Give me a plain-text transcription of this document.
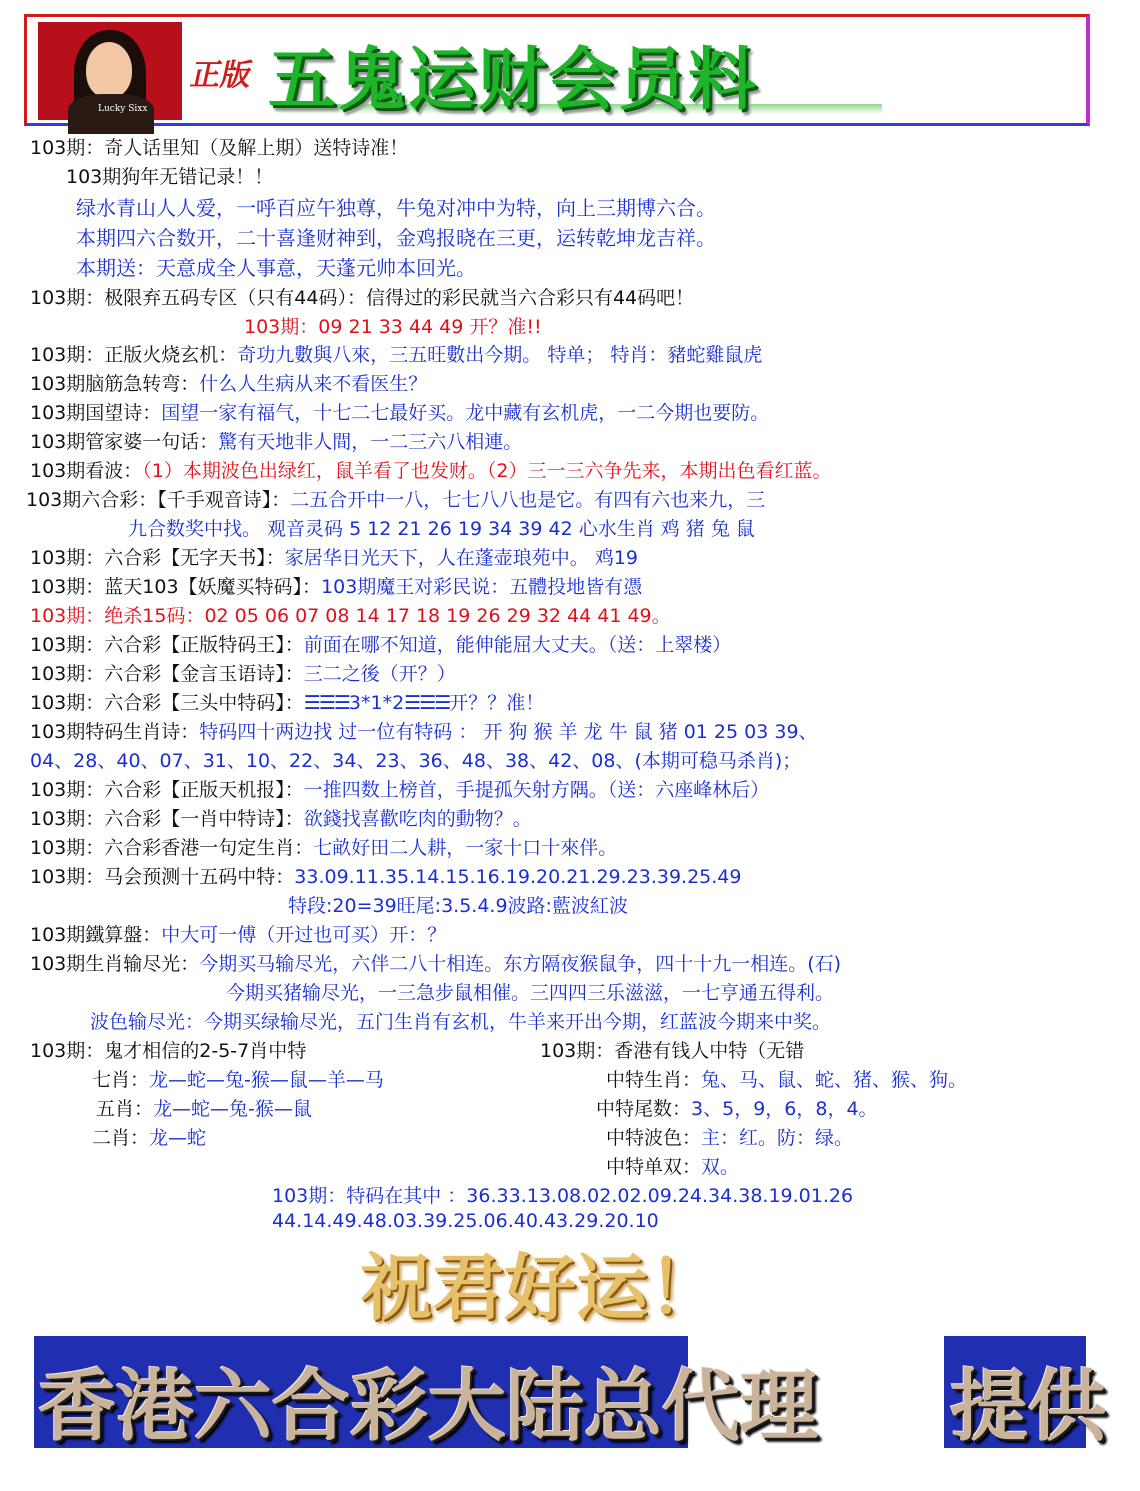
Lucky Sixx
正版 五鬼运财会员料
103期：奇人话里知（及解上期）送特诗准！
103期狗年无错记录！！
绿水青山人人爱，一呼百应午独尊，牛兔对冲中为特，向上三期博六合。
本期四六合数开，二十喜逢财神到，金鸡报晓在三更，运转乾坤龙吉祥。
本期送：天意成全人事意，天蓬元帅本回光。
103期：极限弃五码专区（只有44码）：信得过的彩民就当六合彩只有44码吧！
103期：09 21 33 44 49 开？准!!
103期：正版火烧玄机：奇功九數與八來，三五旺數出今期。 特单； 特肖：豬蛇雞鼠虎
103期脑筋急转弯：什么人生病从来不看医生？
103期国望诗：国望一家有福气，十七二七最好买。龙中藏有玄机虎，一二今期也要防。
103期管家婆一句话：驚有天地非人間，一二三六八相連。
103期看波：（1）本期波色出绿红，鼠羊看了也发财。（2）三一三六争先来，本期出色看红蓝。
103期六合彩：【千手观音诗】：二五合开中一八，七七八八也是它。有四有六也来九，三
九合数奖中找。 观音灵码 5 12 21 26 19 34 39 42 心水生肖 鸡 猪 兔 鼠
103期：六合彩【无字天书】：家居华日光天下，人在蓬壶琅苑中。 鸡19
103期：蓝天103【妖魔买特码】：103期魔王对彩民说：五體投地皆有憑
103期：绝杀15码：02 05 06 07 08 14 17 18 19 26 29 32 44 41 49。
103期：六合彩【正版特码王】：前面在哪不知道，能伸能屈大丈夫。（送：上翠楼）
103期：六合彩【金言玉语诗】：三二之後（开？）
103期：六合彩【三头中特码】：☰☰☰3*1*2☰☰☰开？？准！
103期特码生肖诗：特码四十两边找 过一位有特码 ： 开 狗 猴 羊 龙 牛 鼠 猪 01 25 03 39、
04、28、40、07、31、10、22、34、23、36、48、38、42、08、(本期可稳马杀肖)；
103期：六合彩【正版天机报】：一推四数上榜首，手提孤矢射方隅。（送：六座峰林后）
103期：六合彩【一肖中特诗】：欲錢找喜歡吃肉的動物？。
103期：六合彩香港一句定生肖：七畝好田二人耕，一家十口十來伴。
103期：马会预测十五码中特：33.09.11.35.14.15.16.19.20.21.29.23.39.25.49
特段:20=39旺尾:3.5.4.9波路:藍波紅波
103期鐵算盤：中大可一傅（开过也可买）开：？
103期生肖输尽光：今期买马输尽光，六伴二八十相连。东方隔夜猴鼠争，四十十九一相连。(石)
今期买猪输尽光，一三急步鼠相催。三四四三乐滋滋，一七亨通五得利。
波色输尽光：今期买绿输尽光，五门生肖有玄机，牛羊来开出今期，红蓝波今期来中奖。
103期：鬼才相信的2-5-7肖中特
七肖：龙—蛇—兔-猴—鼠—羊—马
五肖：龙—蛇—兔-猴—鼠
二肖：龙—蛇
103期：香港有钱人中特（无错
中特生肖：兔、马、鼠、蛇、猪、猴、狗。
中特尾数：3、5，9，6，8，4。
中特波色：主：红。防：绿。
中特单双：双。
103期：特码在其中 ：36.33.13.08.02.02.09.24.34.38.19.01.26
44.14.49.48.03.39.25.06.40.43.29.20.10
祝君好运！
香港六合彩大陆总代理 提供
